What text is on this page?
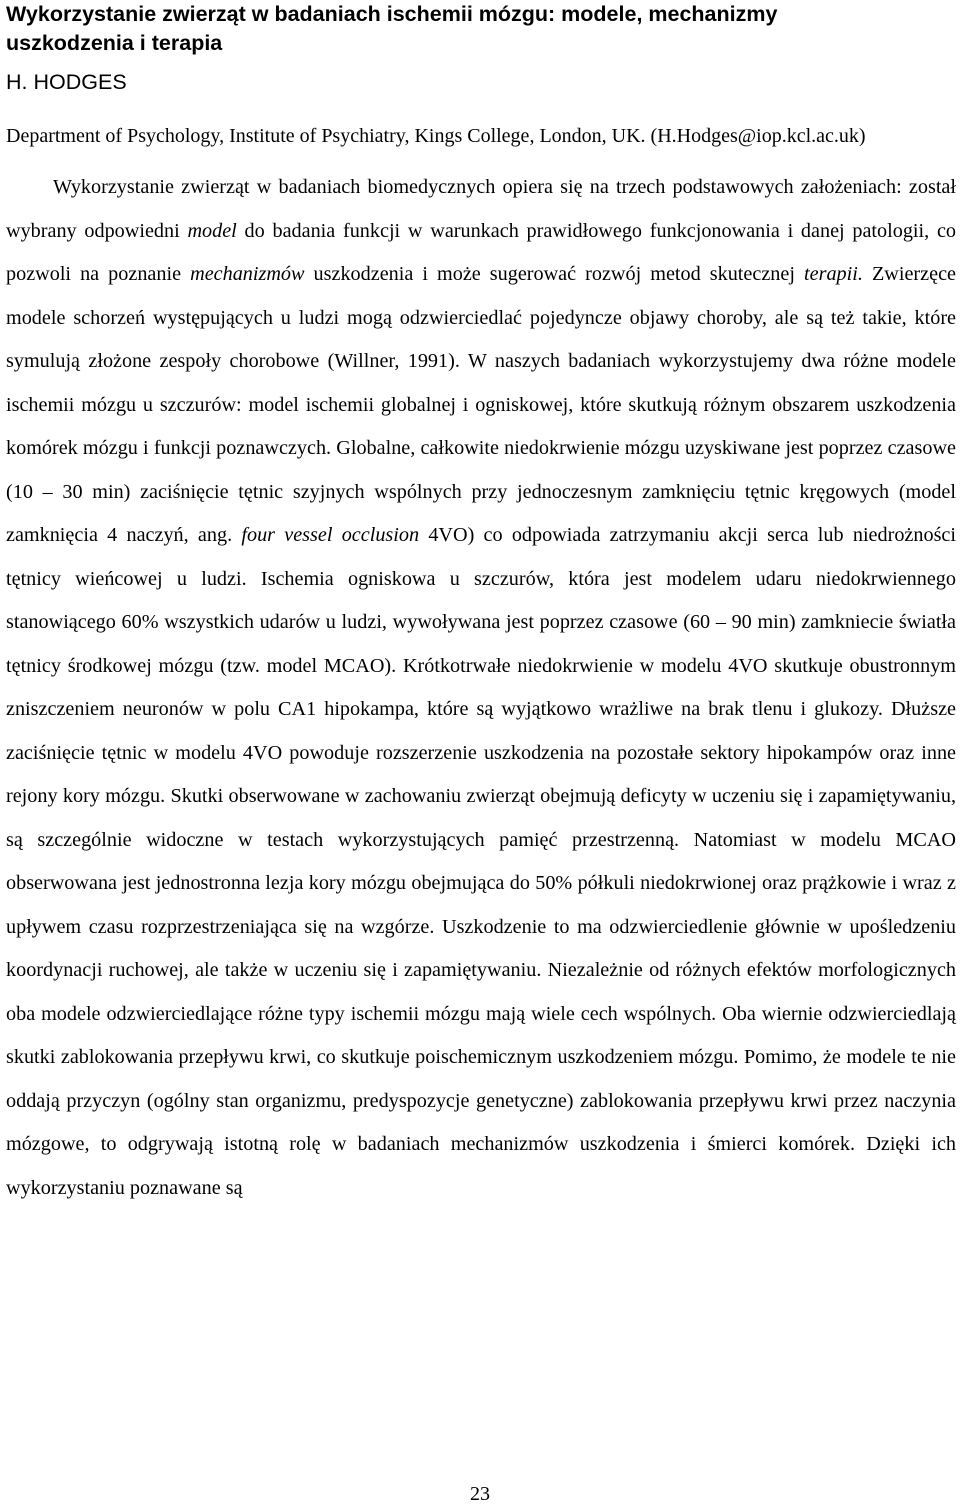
Wykorzystanie zwierząt w badaniach ischemii mózgu: modele, mechanizmy uszkodzenia i terapia
H. HODGES
Department of Psychology, Institute of Psychiatry, Kings College, London, UK. (H.Hodges@iop.kcl.ac.uk)

Wykorzystanie zwierząt w badaniach biomedycznych opiera się na trzech podstawowych założeniach: został wybrany odpowiedni model do badania funkcji w warunkach prawidłowego funkcjonowania i danej patologii, co pozwoli na poznanie mechanizmów uszkodzenia i może sugerować rozwój metod skutecznej terapii. Zwierzęce modele schorzeń występujących u ludzi mogą odzwierciedlać pojedyncze objawy choroby, ale są też takie, które symulują złożone zespoły chorobowe (Willner, 1991). W naszych badaniach wykorzystujemy dwa różne modele ischemii mózgu u szczurów: model ischemii globalnej i ogniskowej, które skutkują różnym obszarem uszkodzenia komórek mózgu i funkcji poznawczych. Globalne, całkowite niedokrwienie mózgu uzyskiwane jest poprzez czasowe (10 – 30 min) zaciśnięcie tętnic szyjnych wspólnych przy jednoczesnym zamknięciu tętnic kręgowych (model zamknięcia 4 naczyń, ang. four vessel occlusion 4VO) co odpowiada zatrzymaniu akcji serca lub niedrożności tętnicy wieńcowej u ludzi. Ischemia ogniskowa u szczurów, która jest modelem udaru niedokrwiennego stanowiącego 60% wszystkich udarów u ludzi, wywoływana jest poprzez czasowe (60 – 90 min) zamkniecie światła tętnicy środkowej mózgu (tzw. model MCAO). Krótkotrwałe niedokrwienie w modelu 4VO skutkuje obustronnym zniszczeniem neuronów w polu CA1 hipokampa, które są wyjątkowo wrażliwe na brak tlenu i glukozy. Dłuższe zaciśnięcie tętnic w modelu 4VO powoduje rozszerzenie uszkodzenia na pozostałe sektory hipokampów oraz inne rejony kory mózgu. Skutki obserwowane w zachowaniu zwierząt obejmują deficyty w uczeniu się i zapamiętywaniu, są szczególnie widoczne w testach wykorzystujących pamięć przestrzenną. Natomiast w modelu MCAO obserwowana jest jednostronna lezja kory mózgu obejmująca do 50% półkuli niedokrwionej oraz prążkowie i wraz z upływem czasu rozprzestrzeniająca się na wzgórze. Uszkodzenie to ma odzwierciedlenie głównie w upośledzeniu koordynacji ruchowej, ale także w uczeniu się i zapamiętywaniu. Niezależnie od różnych efektów morfologicznych oba modele odzwierciedlające różne typy ischemii mózgu mają wiele cech wspólnych. Oba wiernie odzwierciedlają skutki zablokowania przepływu krwi, co skutkuje poischemicznym uszkodzeniem mózgu. Pomimo, że modele te nie oddają przyczyn (ogólny stan organizmu, predyspozycje genetyczne) zablokowania przepływu krwi przez naczynia mózgowe, to odgrywają istotną rolę w badaniach mechanizmów uszkodzenia i śmierci komórek. Dzięki ich wykorzystaniu poznawane są

23
